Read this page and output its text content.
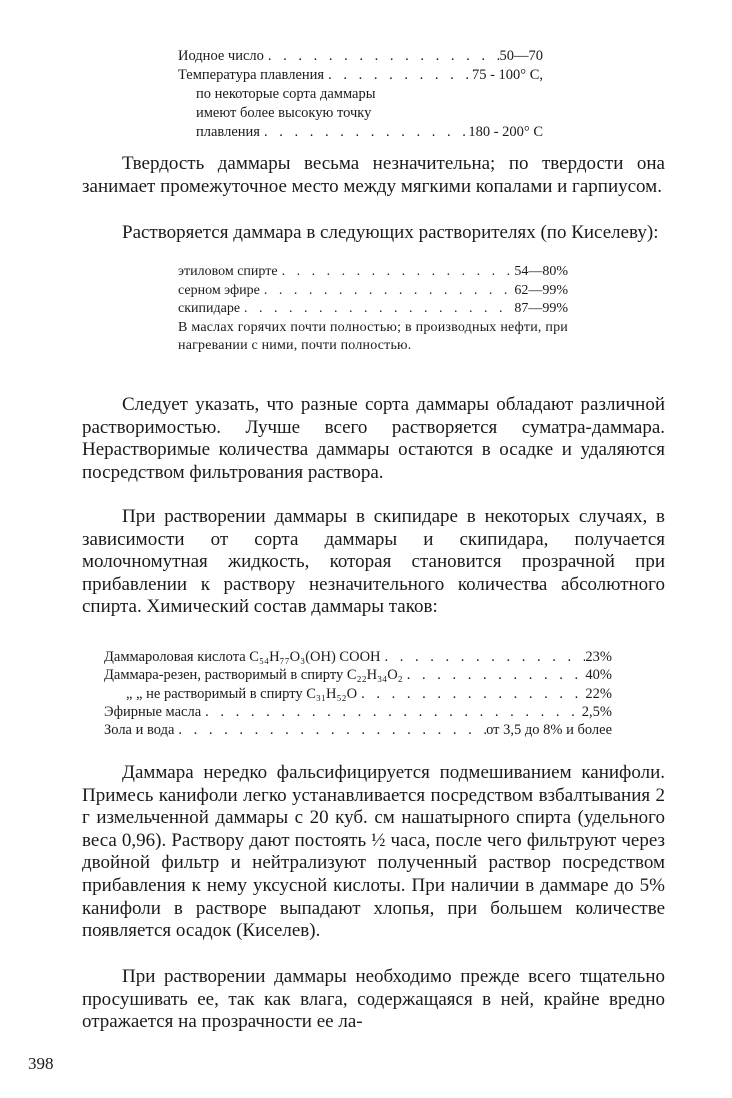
Иодное число . . .	50—70
Температура плавления . . .	75 - 100° С,
по некоторые сорта даммары
имеют более высокую точку
плавления . . .	180 - 200° С

Твердость даммары весьма незначительна; по твердости она занимает промежуточное место между мягкими копалами и гарпиусом.

Растворяется даммара в следующих растворителях (по Киселеву):

этиловом спирте . . .	54—80%
серном эфире . . .	62—99%
скипидаре . . .	87—99%
В маслах горячих почти полностью; в производных нефти, при нагревании с ними, почти полностью.

Следует указать, что разные сорта даммары обладают различной растворимостью. Лучше всего растворяется суматра-даммара. Нерастворимые количества даммары остаются в осадке и удаляются посредством фильтрования раствора.

При растворении даммары в скипидаре в некоторых случаях, в зависимости от сорта даммары и скипидара, получается молочномутная жидкость, которая становится прозрачной при прибавлении к раствору незначительного количества абсолютного спирта. Химический состав даммары таков:

Даммароловая кислота C₅₄H₇₇O₃(OH) COOH . . .	23%
Даммара-резен, растворимый в спирту C₂₂H₃₄O₂ . . .	40%
„ „ не растворимый в спирту C₃₁H₅₂O . . .	22%
Эфирные масла . . .	2,5%
Зола и вода . . .	от 3,5 до 8% и более

Даммара нередко фальсифицируется подмешиванием канифоли. Примесь канифоли легко устанавливается посредством взбалтывания 2 г измельченной даммары с 20 куб. см нашатырного спирта (удельного веса 0,96). Раствору дают постоять ½ часа, после чего фильтруют через двойной фильтр и нейтрализуют полученный раствор посредством прибавления к нему уксусной кислоты. При наличии в даммаре до 5% канифоли в растворе выпадают хлопья, при большем количестве появляется осадок (Киселев).

При растворении даммары необходимо прежде всего тщательно просушивать ее, так как влага, содержащаяся в ней, крайне вредно отражается на прозрачности ее ла-

398
